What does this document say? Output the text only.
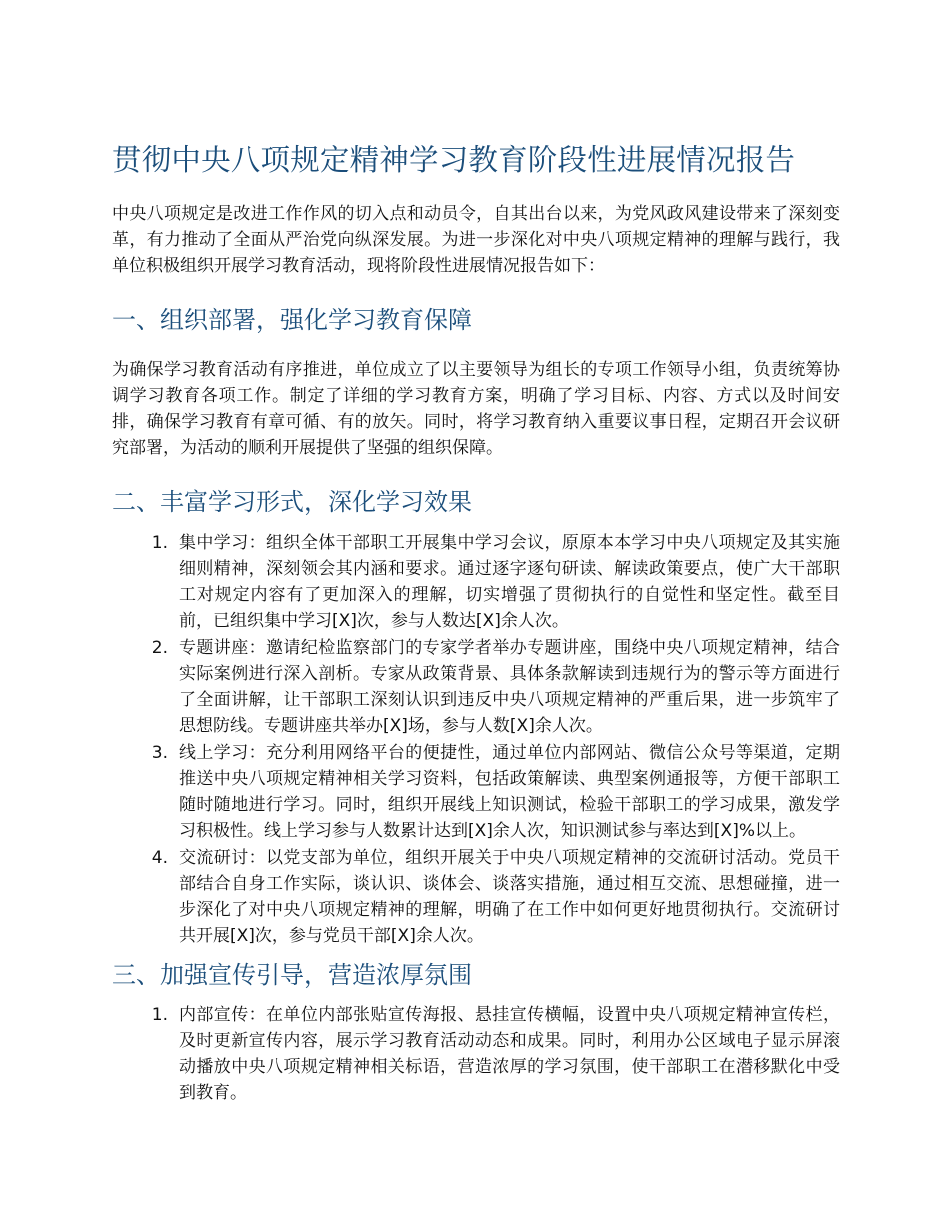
贯彻中央八项规定精神学习教育阶段性进展情况报告

中央八项规定是改进工作作风的切入点和动员令，自其出台以来，为党风政风建设带来了深刻变革，有力推动了全面从严治党向纵深发展。为进一步深化对中央八项规定精神的理解与践行，我单位积极组织开展学习教育活动，现将阶段性进展情况报告如下：

一、组织部署，强化学习教育保障

为确保学习教育活动有序推进，单位成立了以主要领导为组长的专项工作领导小组，负责统筹协调学习教育各项工作。制定了详细的学习教育方案，明确了学习目标、内容、方式以及时间安排，确保学习教育有章可循、有的放矢。同时，将学习教育纳入重要议事日程，定期召开会议研究部署，为活动的顺利开展提供了坚强的组织保障。

二、丰富学习形式，深化学习效果
1. 集中学习：组织全体干部职工开展集中学习会议，原原本本学习中央八项规定及其实施细则精神，深刻领会其内涵和要求。通过逐字逐句研读、解读政策要点，使广大干部职工对规定内容有了更加深入的理解，切实增强了贯彻执行的自觉性和坚定性。截至目前，已组织集中学习[X]次，参与人数达[X]余人次。
2. 专题讲座：邀请纪检监察部门的专家学者举办专题讲座，围绕中央八项规定精神，结合实际案例进行深入剖析。专家从政策背景、具体条款解读到违规行为的警示等方面进行了全面讲解，让干部职工深刻认识到违反中央八项规定精神的严重后果，进一步筑牢了思想防线。专题讲座共举办[X]场，参与人数[X]余人次。
3. 线上学习：充分利用网络平台的便捷性，通过单位内部网站、微信公众号等渠道，定期推送中央八项规定精神相关学习资料，包括政策解读、典型案例通报等，方便干部职工随时随地进行学习。同时，组织开展线上知识测试，检验干部职工的学习成果，激发学习积极性。线上学习参与人数累计达到[X]余人次，知识测试参与率达到[X]%以上。
4. 交流研讨：以党支部为单位，组织开展关于中央八项规定精神的交流研讨活动。党员干部结合自身工作实际，谈认识、谈体会、谈落实措施，通过相互交流、思想碰撞，进一步深化了对中央八项规定精神的理解，明确了在工作中如何更好地贯彻执行。交流研讨共开展[X]次，参与党员干部[X]余人次。
三、加强宣传引导，营造浓厚氛围
1. 内部宣传：在单位内部张贴宣传海报、悬挂宣传横幅，设置中央八项规定精神宣传栏，及时更新宣传内容，展示学习教育活动动态和成果。同时，利用办公区域电子显示屏滚动播放中央八项规定精神相关标语，营造浓厚的学习氛围，使干部职工在潜移默化中受到教育。
